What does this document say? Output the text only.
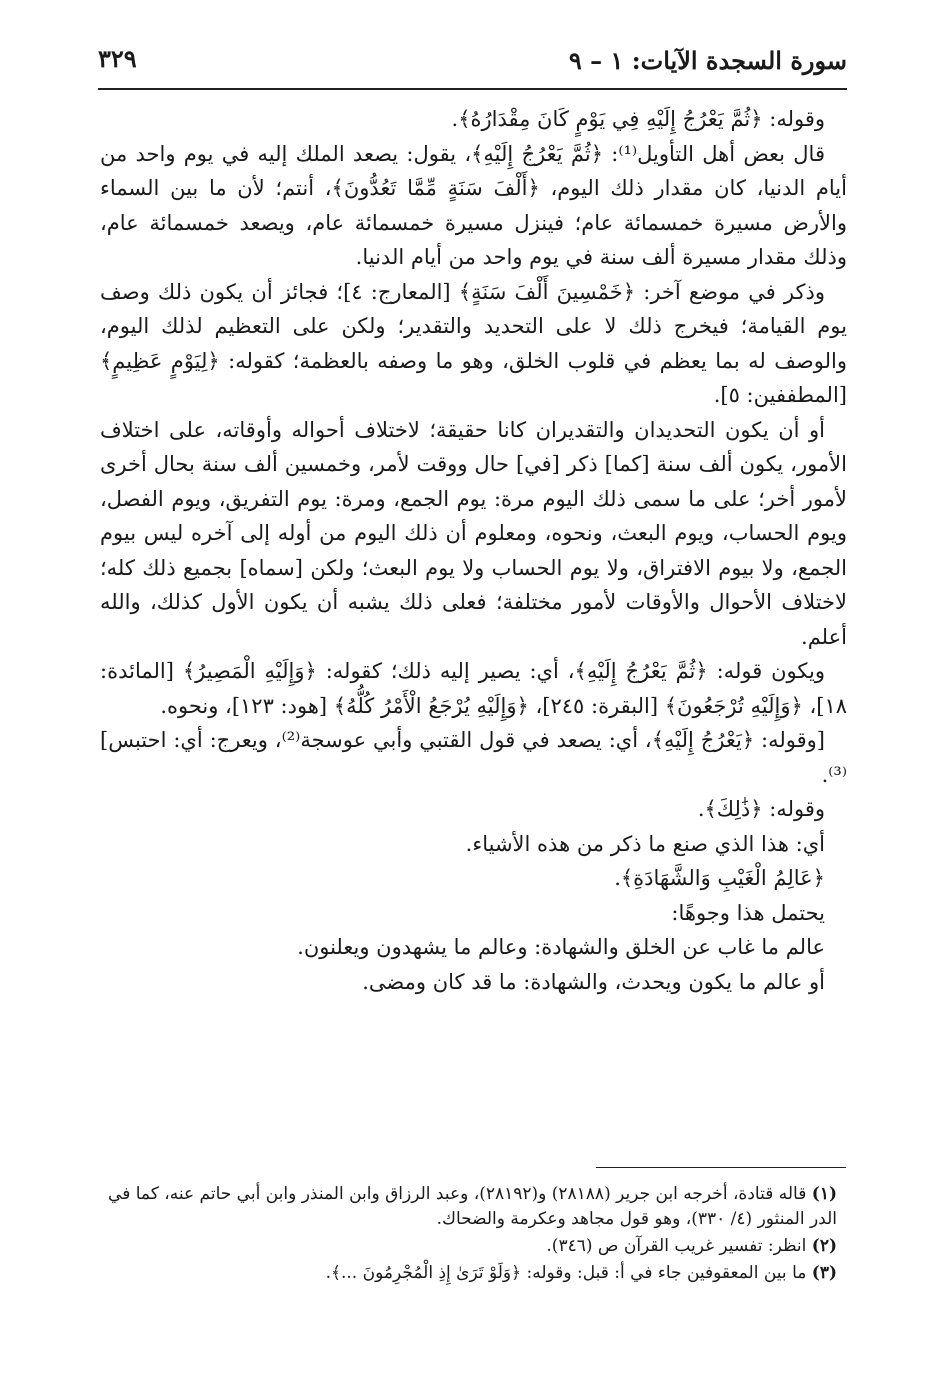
سورة السجدة الآيات: ١ – ٩
٣٢٩

وقوله: ﴿ثُمَّ يَعْرُجُ إِلَيْهِ فِي يَوْمٍ كَانَ مِقْدَارُهُ﴾.

قال بعض أهل التأويل⁽¹⁾: ﴿ثُمَّ يَعْرُجُ إِلَيْهِ﴾، يقول: يصعد الملك إليه في يوم واحد من أيام الدنيا، كان مقدار ذلك اليوم، ﴿أَلْفَ سَنَةٍ مِّمَّا تَعُدُّونَ﴾، أنتم؛ لأن ما بين السماء والأرض مسيرة خمسمائة عام؛ فينزل مسيرة خمسمائة عام، ويصعد خمسمائة عام، وذلك مقدار مسيرة ألف سنة في يوم واحد من أيام الدنيا.

وذكر في موضع آخر: ﴿خَمْسِينَ أَلْفَ سَنَةٍ﴾ [المعارج: ٤]؛ فجائز أن يكون ذلك وصف يوم القيامة؛ فيخرج ذلك لا على التحديد والتقدير؛ ولكن على التعظيم لذلك اليوم، والوصف له بما يعظم في قلوب الخلق، وهو ما وصفه بالعظمة؛ كقوله: ﴿لِيَوْمٍ عَظِيمٍ﴾ [المطففين: ٥].

أو أن يكون التحديدان والتقديران كانا حقيقة؛ لاختلاف أحواله وأوقاته، على اختلاف الأمور، يكون ألف سنة [كما] ذكر [في] حال ووقت لأمر، وخمسين ألف سنة بحال أخرى لأمور أخر؛ على ما سمى ذلك اليوم مرة: يوم الجمع، ومرة: يوم التفريق، ويوم الفصل، ويوم الحساب، ويوم البعث، ونحوه، ومعلوم أن ذلك اليوم من أوله إلى آخره ليس بيوم الجمع، ولا بيوم الافتراق، ولا يوم الحساب ولا يوم البعث؛ ولكن [سماه] بجميع ذلك كله؛ لاختلاف الأحوال والأوقات لأمور مختلفة؛ فعلى ذلك يشبه أن يكون الأول كذلك، والله أعلم.

ويكون قوله: ﴿ثُمَّ يَعْرُجُ إِلَيْهِ﴾، أي: يصير إليه ذلك؛ كقوله: ﴿وَإِلَيْهِ الْمَصِيرُ﴾ [المائدة: ١٨]، ﴿وَإِلَيْهِ تُرْجَعُونَ﴾ [البقرة: ٢٤٥]، ﴿وَإِلَيْهِ يُرْجَعُ الْأَمْرُ كُلُّهُ﴾ [هود: ١٢٣]، ونحوه.

[وقوله: ﴿يَعْرُجُ إِلَيْهِ﴾، أي: يصعد في قول القتبي وأبي عوسجة⁽²⁾، ويعرج: أي: احتبس]⁽³⁾.

وقوله: ﴿ذَٰلِكَ﴾.

أي: هذا الذي صنع ما ذكر من هذه الأشياء.

﴿عَالِمُ الْغَيْبِ وَالشَّهَادَةِ﴾.

يحتمل هذا وجوهًا:

عالم ما غاب عن الخلق والشهادة: وعالم ما يشهدون ويعلنون.

أو عالم ما يكون ويحدث، والشهادة: ما قد كان ومضى.

(١) قاله قتادة، أخرجه ابن جرير (٢٨١٨٨) و(٢٨١٩٢)، وعبد الرزاق وابن المنذر وابن أبي حاتم عنه، كما في الدر المنثور (٤/ ٣٣٠)، وهو قول مجاهد وعكرمة والضحاك.

(٢) انظر: تفسير غريب القرآن ص (٣٤٦).

(٣) ما بين المعقوفين جاء في أ: قبل: وقوله: ﴿وَلَوْ تَرَىٰ إِذِ الْمُجْرِمُونَ ...﴾.
